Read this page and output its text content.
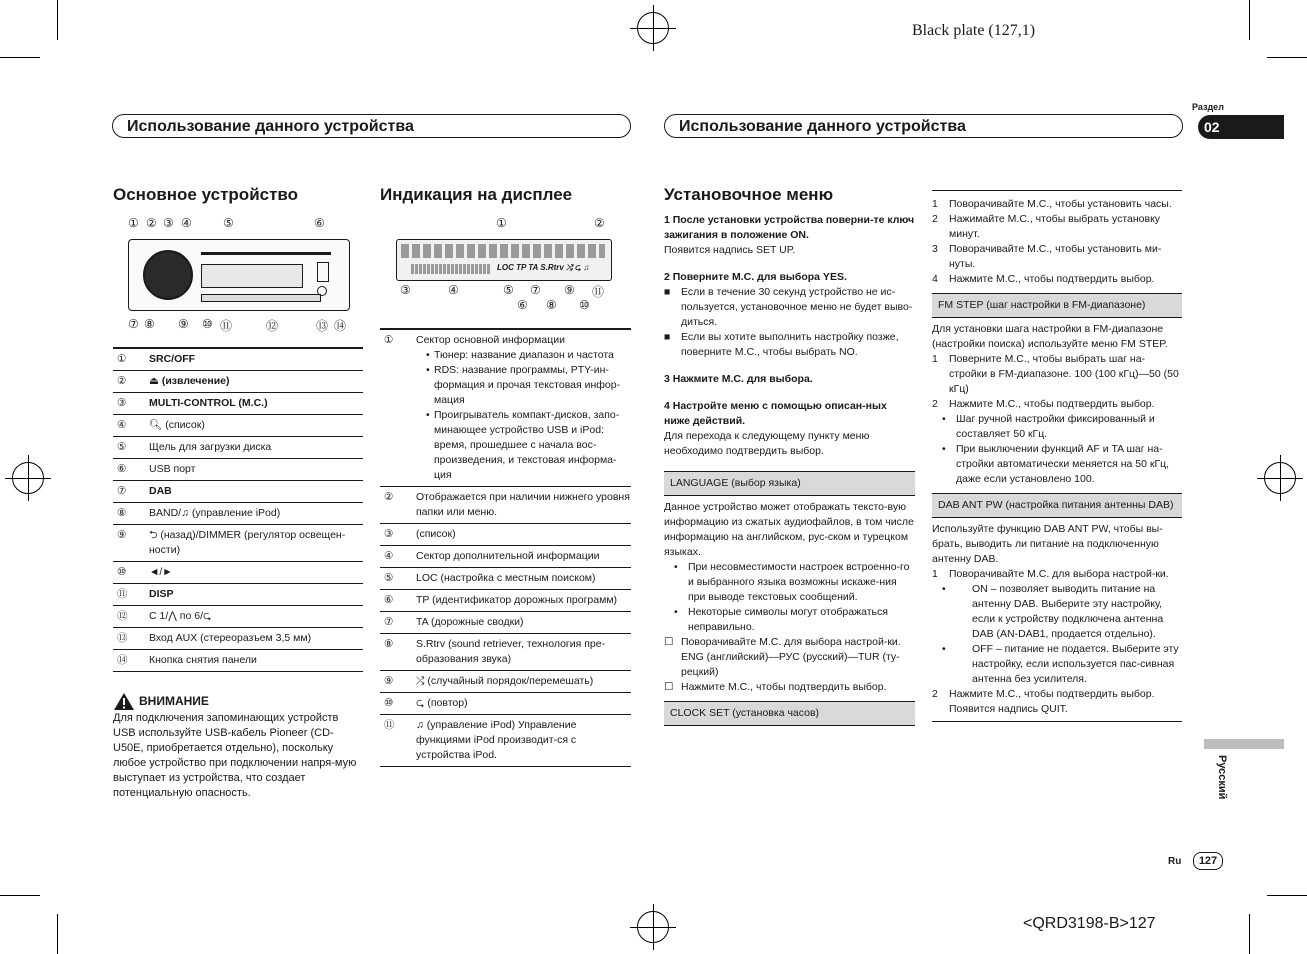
Black plate (127,1)
<QRD3198-B>127
Раздел
02
Русский
Ru	127
Использование данного устройства	Использование данного устройства
Основное устройство
① ② ③ ④	⑤	⑥
⑦ ⑧ ⑨ ⑩ ⑪	⑫	⑬ ⑭
①	SRC/OFF
②	⏏ (извлечение)
③	MULTI-CONTROL (M.C.)
④	🔍︎ (список)
⑤	Щель для загрузки диска
⑥	USB порт
⑦	DAB
⑧	BAND/♫ (управление iPod)
⑨	⮌ (назад)/DIMMER (регулятор освещен-ности)
⑩	◄/►
⑪	DISP
⑫	С 1/⋀ по 6/⮎
⑬	Вход AUX (стереоразъем 3,5 мм)
⑭	Кнопка снятия панели
ВНИМАНИЕ
Для подключения запоминающих устройств USB используйте USB-кабель Pioneer (CD-U50E, приобретается отдельно), поскольку любое устройство при подключении напря-мую выступает из устройства, что создает потенциальную опасность.
Индикация на дисплее
①	②
LOC TP TA S.Rtrv ⤮ ⮎ ♫
③	④	⑤ ⑦ ⑨ ⑪
⑥ ⑧ ⑩
①	Сектор основной информации
• Тюнер: название диапазон и частота
• RDS: название программы, PTY-ин-формация и прочая текстовая инфор-мация
• Проигрыватель компакт-дисков, запо-минающее устройство USB и iPod: время, прошедшее с начала вос-произведения, и текстовая информа-ция
②	Отображается при наличии нижнего уровня папки или меню.
③	(список)
④	Сектор дополнительной информации
⑤	LOC (настройка с местным поиском)
⑥	TP (идентификатор дорожных программ)
⑦	TA (дорожные сводки)
⑧	S.Rtrv (sound retriever, технология пре-образования звука)
⑨	⤮ (случайный порядок/перемешать)
⑩	⮎ (повтор)
⑪	♫ (управление iPod) Управление функциями iPod производит-ся с устройства iPod.
Установочное меню
1 После установки устройства поверни-те ключ зажигания в положение ON.
Появится надпись SET UP.
2 Поверните M.C. для выбора YES.
■ Если в течение 30 секунд устройство не ис-пользуется, установочное меню не будет выво-диться.
■ Если вы хотите выполнить настройку позже, поверните M.C., чтобы выбрать NO.
3 Нажмите M.C. для выбора.
4 Настройте меню с помощью описан-ных ниже действий.
Для перехода к следующему пункту меню необходимо подтвердить выбор.
LANGUAGE (выбор языка)
Данное устройство может отображать тексто-вую информацию из сжатых аудиофайлов, в том числе информацию на английском, рус-ском и турецком языках.
• При несовместимости настроек встроенно-го и выбранного языка возможны искаже-ния при выводе текстовых сообщений.
• Некоторые символы могут отображаться неправильно.
☐ Поворачивайте M.C. для выбора настрой-ки. ENG (английский)—РУС (русский)—TUR (ту-рецкий)
☐ Нажмите M.C., чтобы подтвердить выбор.
CLOCK SET (установка часов)
1 Поворачивайте M.C., чтобы установить часы.
2 Нажимайте M.C., чтобы выбрать установку минут.
3 Поворачивайте M.C., чтобы установить ми-нуты.
4 Нажмите M.C., чтобы подтвердить выбор.
FM STEP (шаг настройки в FM-диапазоне)
Для установки шага настройки в FM-диапазоне (настройки поиска) используйте меню FM STEP.
1 Поверните M.C., чтобы выбрать шаг на-стройки в FM-диапазоне. 100 (100 кГц)—50 (50 кГц)
2 Нажмите M.C., чтобы подтвердить выбор.
• Шаг ручной настройки фиксированный и составляет 50 кГц.
• При выключении функций AF и TA шаг на-стройки автоматически меняется на 50 кГц, даже если установлено 100.
DAB ANT PW (настройка питания антенны DAB)
Используйте функцию DAB ANT PW, чтобы вы-брать, выводить ли питание на подключенную антенну DAB.
1 Поворачивайте M.C. для выбора настрой-ки.
• ON – позволяет выводить питание на антенну DAB. Выберите эту настройку, если к устройству подключена антенна DAB (AN-DAB1, продается отдельно).
• OFF – питание не подается. Выберите эту настройку, если используется пас-сивная антенна без усилителя.
2 Нажмите M.C., чтобы подтвердить выбор. Появится надпись QUIT.
